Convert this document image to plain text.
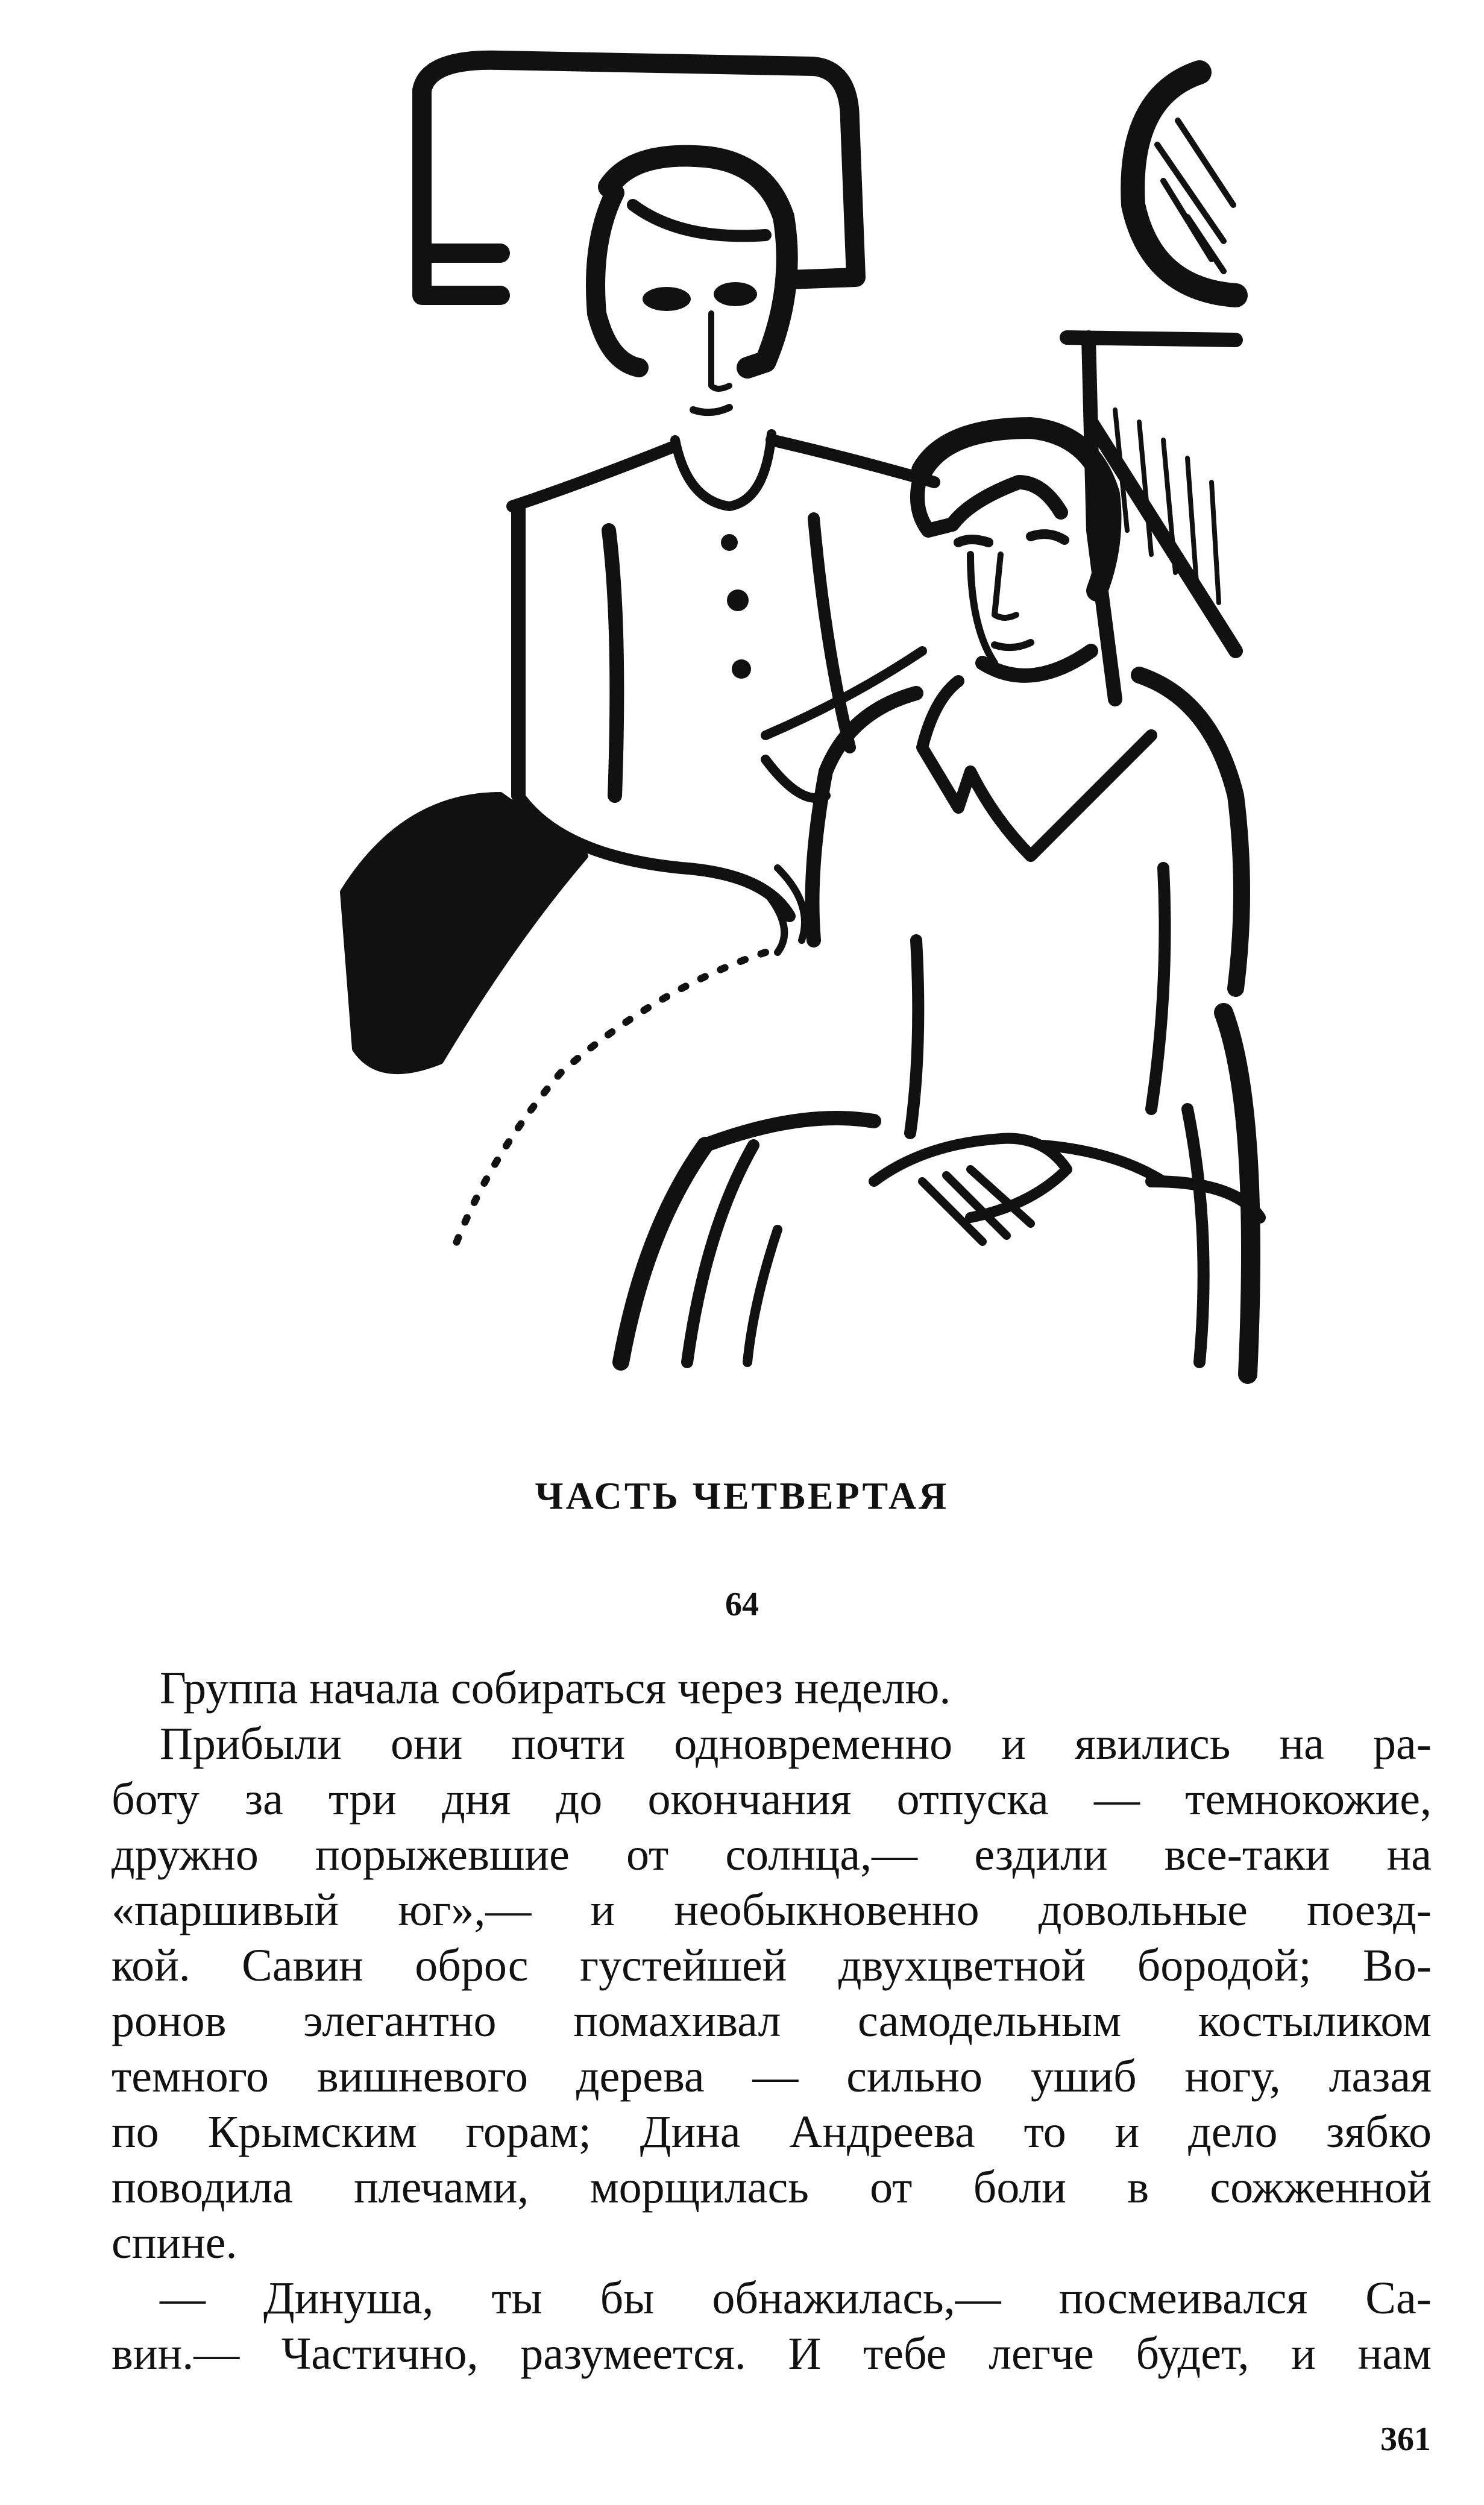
ЧАСТЬ ЧЕТВЕРТАЯ
64
Группа начала собираться через неделю.
Прибыли они почти одновременно и явились на ра-
боту за три дня до окончания отпуска — темнокожие,
дружно порыжевшие от солнца,— ездили все-таки на
«паршивый юг»,— и необыкновенно довольные поезд-
кой. Савин оброс густейшей двухцветной бородой; Во-
ронов элегантно помахивал самодельным костыликом
темного вишневого дерева — сильно ушиб ногу, лазая
по Крымским горам; Дина Андреева то и дело зябко
поводила плечами, морщилась от боли в сожженной
спине.
— Динуша, ты бы обнажилась,— посмеивался Са-
вин.— Частично, разумеется. И тебе легче будет, и нам
361
